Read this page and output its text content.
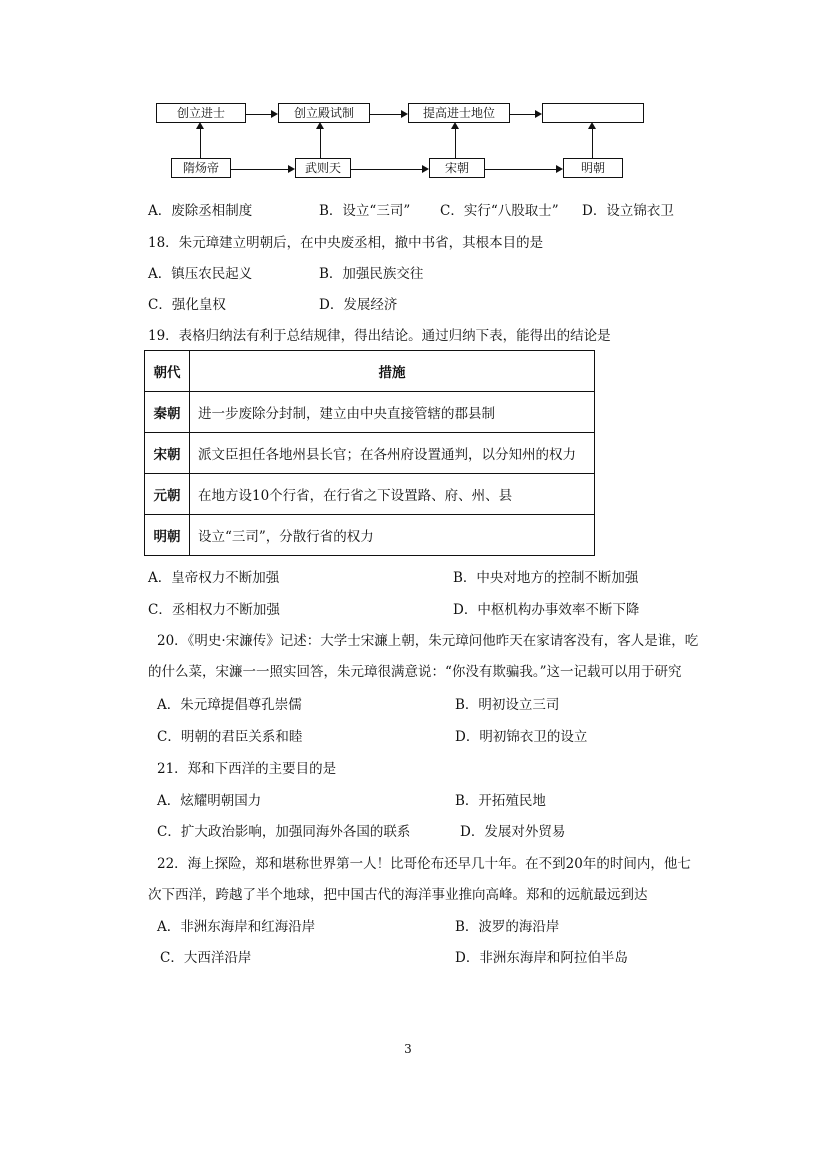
创立进士	创立殿试制	提高进士地位
隋炀帝	武则天	宋朝	明朝
A．废除丞相制度	B．设立“三司” C．实行“八股取士” D．设立锦衣卫
18．朱元璋建立明朝后，在中央废丞相，撤中书省，其根本目的是
A．镇压农民起义	B．加强民族交往
C．强化皇权	D．发展经济
19．表格归纳法有利于总结规律，得出结论。通过归纳下表，能得出的结论是
朝代	措施
秦朝	进一步废除分封制，建立由中央直接管辖的郡县制
宋朝	派文臣担任各地州县长官；在各州府设置通判，以分知州的权力
元朝	在地方设10个行省，在行省之下设置路、府、州、县
明朝	设立“三司”，分散行省的权力
A．皇帝权力不断加强	B．中央对地方的控制不断加强
C．丞相权力不断加强	D．中枢机构办事效率不断下降
20．《明史·宋濂传》记述：大学士宋濂上朝，朱元璋问他昨天在家请客没有，客人是谁，吃
的什么菜，宋濂一一照实回答，朱元璋很满意说：“你没有欺骗我。”这一记载可以用于研究
A．朱元璋提倡尊孔崇儒	B．明初设立三司
C．明朝的君臣关系和睦	D．明初锦衣卫的设立
21．郑和下西洋的主要目的是
A．炫耀明朝国力	B．开拓殖民地
C．扩大政治影响，加强同海外各国的联系	D．发展对外贸易
22．海上探险，郑和堪称世界第一人！比哥伦布还早几十年。在不到20年的时间内，他七
次下西洋，跨越了半个地球，把中国古代的海洋事业推向高峰。郑和的远航最远到达
A．非洲东海岸和红海沿岸	B．波罗的海沿岸
C．大西洋沿岸	D．非洲东海岸和阿拉伯半岛
3
